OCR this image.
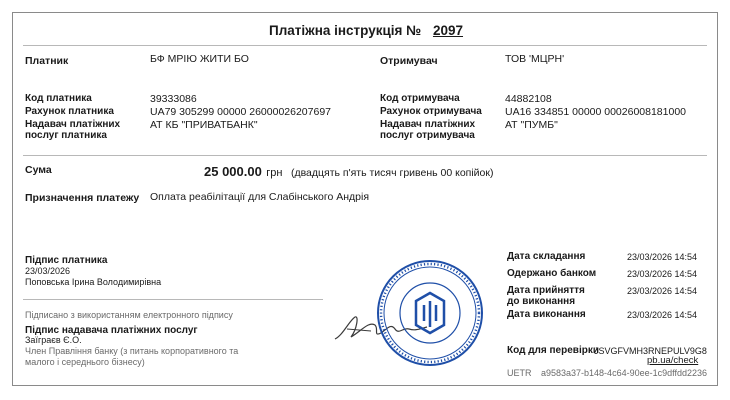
Платіжна інструкція № 2097
Платник	БФ МРІЮ ЖИТИ БО	Отримувач	ТОВ 'МЦРН'
Код платника	39333086
Рахунок платника	UA79 305299 00000 26000026207697
Надавач платіжних
послуг платника
АТ КБ "ПРИВАТБАНК"
Код отримувача	44882108
Рахунок отримувача UA16 334851 00000 00026008181000
Надавач платіжних
послуг отримувача
АТ "ПУМБ"
Сума	25 000.00 грн (двадцять п'ять тисяч гривень 00 копійок)
Призначення платежу Оплата реабілітації для Слабінського Андрія
Підпис платника
23/03/2026
Поповська Ірина Володимирівна
Підписано з використанням електронного підпису
Підпис надавача платіжних послуг
Заїграєв Є.О.
Член Правління банку (з питань корпоративного та
малого і середнього бізнесу)
Дата складання	23/03/2026 14:54
Одержано банком	23/03/2026 14:54
Дата прийняття
до виконання
23/03/2026 14:54
Дата виконання	23/03/2026 14:54
Код для перевірки
JSVGFVMH3RNEPULV9G8
pb.ua/check
UETR a9583a37-b148-4c64-90ee-1c9dffdd2236
